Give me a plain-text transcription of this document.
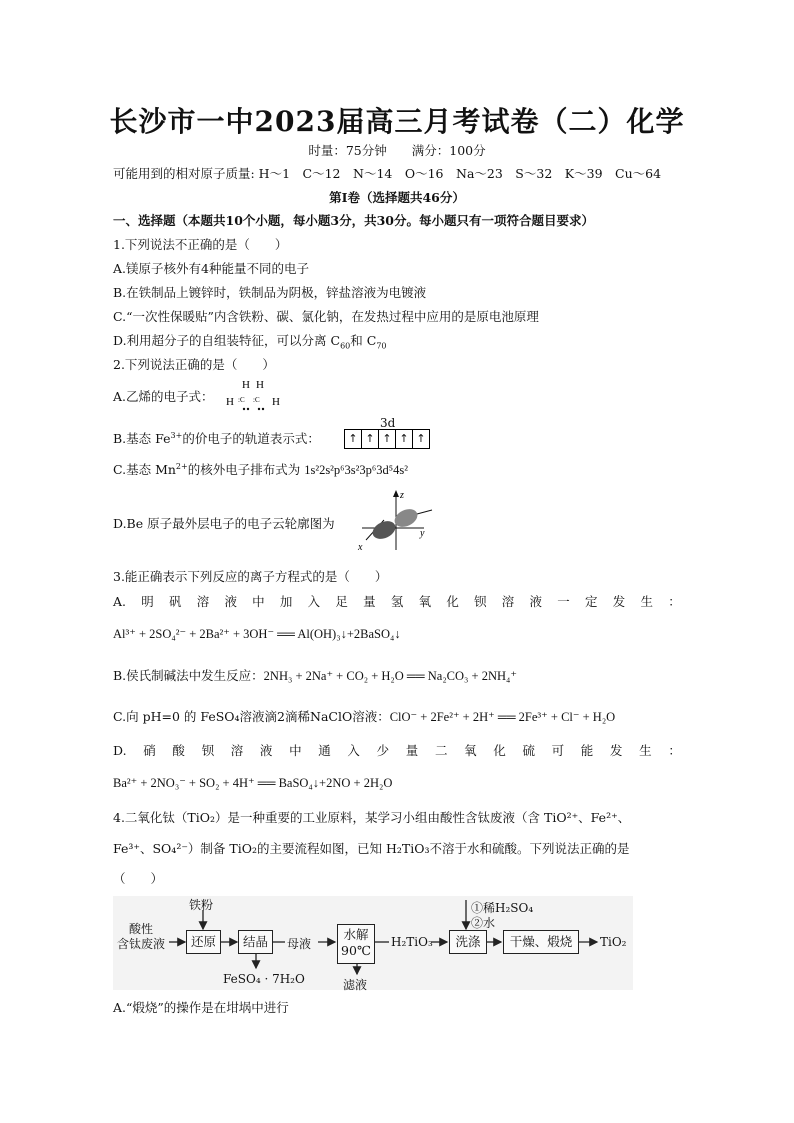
长沙市一中2023届高三月考试卷（二）化学
时量：75分钟　　满分：100分
可能用到的相对原子质量: H～1　C～12　N～14　O～16　Na～23　S～32　K～39　Cu～64
第Ⅰ卷（选择题共46分）
一、选择题（本题共10个小题，每小题3分，共30分。每小题只有一项符合题目要求）
1.下列说法不正确的是（　　）
A.镁原子核外有4种能量不同的电子
B.在铁制品上镀锌时，铁制品为阴极，锌盐溶液为电镀液
C.“一次性保暖贴”内含铁粉、碳、氯化钠，在发热过程中应用的是原电池原理
D.利用超分子的自组装特征，可以分离 $C_{60}$和 $C_{70}$
2.下列说法正确的是（　　）
A.乙烯的电子式：
H H
H	H
:C :C
B.基态 $Fe^{3+}$的价电子的轨道表示式：
3d
↑ ↑ ↑ ↑ ↑
C.基态 $Mn^{2+}$的核外电子排布式为 1s²2s²p⁶3s²3p⁶3d⁵4s²
D.Be 原子最外层电子的电子云轮廓图为
z
y
x
3.能正确表示下列反应的离子方程式的是（　　）
A. 明 矾 溶 液 中 加 入 足 量 氢 氧 化 钡 溶 液 一 定 发 生 ：
Al³⁺ + 2SO₄²⁻ + 2Ba²⁺ + 3OH⁻ ══ Al(OH)₃↓+2BaSO₄↓
B.侯氏制碱法中发生反应：2NH₃ + 2Na⁺ + CO₂ + H₂O ══ Na₂CO₃ + 2NH₄⁺
C.向 pH=0 的 FeSO₄溶液滴2滴稀NaClO溶液：ClO⁻ + 2Fe²⁺ + 2H⁺ ══ 2Fe³⁺ + Cl⁻ + H₂O
D. 硝 酸 钡 溶 液 中 通 入 少 量 二 氧 化 硫 可 能 发 生 ：
Ba²⁺ + 2NO₃⁻ + SO₂ + 4H⁺ ══ BaSO₄↓+2NO + 2H₂O
4.二氧化钛（TiO₂）是一种重要的工业原料，某学习小组由酸性含钛废液（含 TiO²⁺、Fe²⁺、
Fe³⁺、SO₄²⁻）制备 TiO₂的主要流程如图，已知 H₂TiO₃不溶于水和硫酸。下列说法正确的是
（　　）
酸性
含钛废液
铁粉
还原	结晶
FeSO₄ · 7H₂O
母液
水解
90℃
滤液
H₂TiO₃
①稀H₂SO₄
②水
洗涤	干燥、煅烧	TiO₂
A.“煅烧”的操作是在坩埚中进行
